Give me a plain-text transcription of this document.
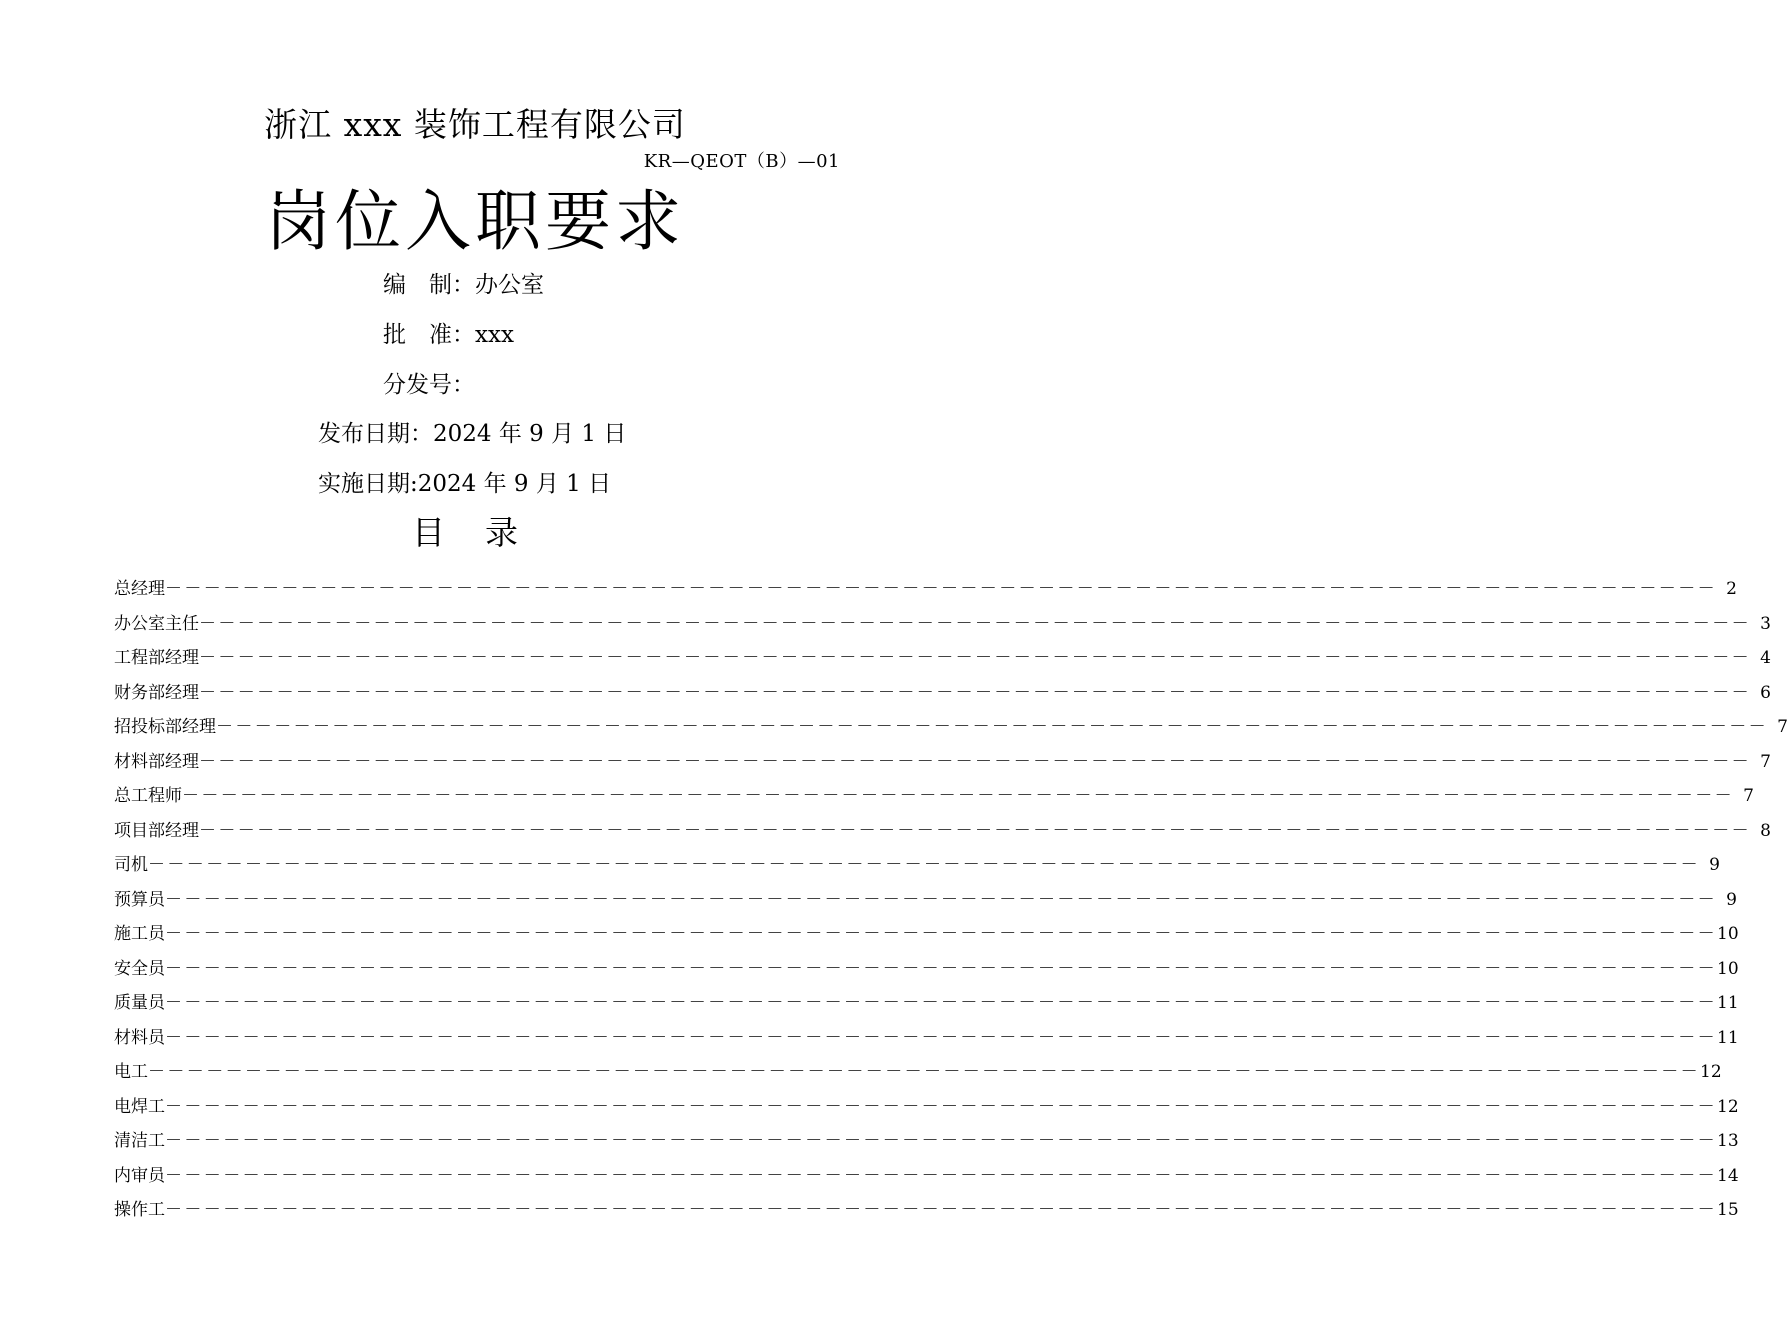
浙江 xxx 装饰工程有限公司
KR—QEOT（B）—01
岗位入职要求
编　制：办公室
批　准：xxx
分发号：
发布日期：2024 年 9 月 1 日
实施日期:2024 年 9 月 1 日
目录
总经理 －－－－－－－－－－－－－－－－－－－－－－－－－－－－－－－－－－－－－－－－－－－－－－－－－－－－－－－－－－－－－－－－－－－－－－－－－－－－－－－－ 2
办公室主任 －－－－－－－－－－－－－－－－－－－－－－－－－－－－－－－－－－－－－－－－－－－－－－－－－－－－－－－－－－－－－－－－－－－－－－－－－－－－－－－－ 3
工程部经理 －－－－－－－－－－－－－－－－－－－－－－－－－－－－－－－－－－－－－－－－－－－－－－－－－－－－－－－－－－－－－－－－－－－－－－－－－－－－－－－－ 4
财务部经理 －－－－－－－－－－－－－－－－－－－－－－－－－－－－－－－－－－－－－－－－－－－－－－－－－－－－－－－－－－－－－－－－－－－－－－－－－－－－－－－－ 6
招投标部经理 －－－－－－－－－－－－－－－－－－－－－－－－－－－－－－－－－－－－－－－－－－－－－－－－－－－－－－－－－－－－－－－－－－－－－－－－－－－－－－－－ 7
材料部经理 －－－－－－－－－－－－－－－－－－－－－－－－－－－－－－－－－－－－－－－－－－－－－－－－－－－－－－－－－－－－－－－－－－－－－－－－－－－－－－－－ 7
总工程师 －－－－－－－－－－－－－－－－－－－－－－－－－－－－－－－－－－－－－－－－－－－－－－－－－－－－－－－－－－－－－－－－－－－－－－－－－－－－－－－－ 7
项目部经理 －－－－－－－－－－－－－－－－－－－－－－－－－－－－－－－－－－－－－－－－－－－－－－－－－－－－－－－－－－－－－－－－－－－－－－－－－－－－－－－－ 8
司机 －－－－－－－－－－－－－－－－－－－－－－－－－－－－－－－－－－－－－－－－－－－－－－－－－－－－－－－－－－－－－－－－－－－－－－－－－－－－－－－－ 9
预算员 －－－－－－－－－－－－－－－－－－－－－－－－－－－－－－－－－－－－－－－－－－－－－－－－－－－－－－－－－－－－－－－－－－－－－－－－－－－－－－－－ 9
施工员 －－－－－－－－－－－－－－－－－－－－－－－－－－－－－－－－－－－－－－－－－－－－－－－－－－－－－－－－－－－－－－－－－－－－－－－－－－－－－－－－ 10
安全员 －－－－－－－－－－－－－－－－－－－－－－－－－－－－－－－－－－－－－－－－－－－－－－－－－－－－－－－－－－－－－－－－－－－－－－－－－－－－－－－－ 10
质量员 －－－－－－－－－－－－－－－－－－－－－－－－－－－－－－－－－－－－－－－－－－－－－－－－－－－－－－－－－－－－－－－－－－－－－－－－－－－－－－－－ 11
材料员 －－－－－－－－－－－－－－－－－－－－－－－－－－－－－－－－－－－－－－－－－－－－－－－－－－－－－－－－－－－－－－－－－－－－－－－－－－－－－－－－ 11
电工 －－－－－－－－－－－－－－－－－－－－－－－－－－－－－－－－－－－－－－－－－－－－－－－－－－－－－－－－－－－－－－－－－－－－－－－－－－－－－－－－ 12
电焊工 －－－－－－－－－－－－－－－－－－－－－－－－－－－－－－－－－－－－－－－－－－－－－－－－－－－－－－－－－－－－－－－－－－－－－－－－－－－－－－－－ 12
清洁工 －－－－－－－－－－－－－－－－－－－－－－－－－－－－－－－－－－－－－－－－－－－－－－－－－－－－－－－－－－－－－－－－－－－－－－－－－－－－－－－－ 13
内审员 －－－－－－－－－－－－－－－－－－－－－－－－－－－－－－－－－－－－－－－－－－－－－－－－－－－－－－－－－－－－－－－－－－－－－－－－－－－－－－－－ 14
操作工 －－－－－－－－－－－－－－－－－－－－－－－－－－－－－－－－－－－－－－－－－－－－－－－－－－－－－－－－－－－－－－－－－－－－－－－－－－－－－－－－ 15
